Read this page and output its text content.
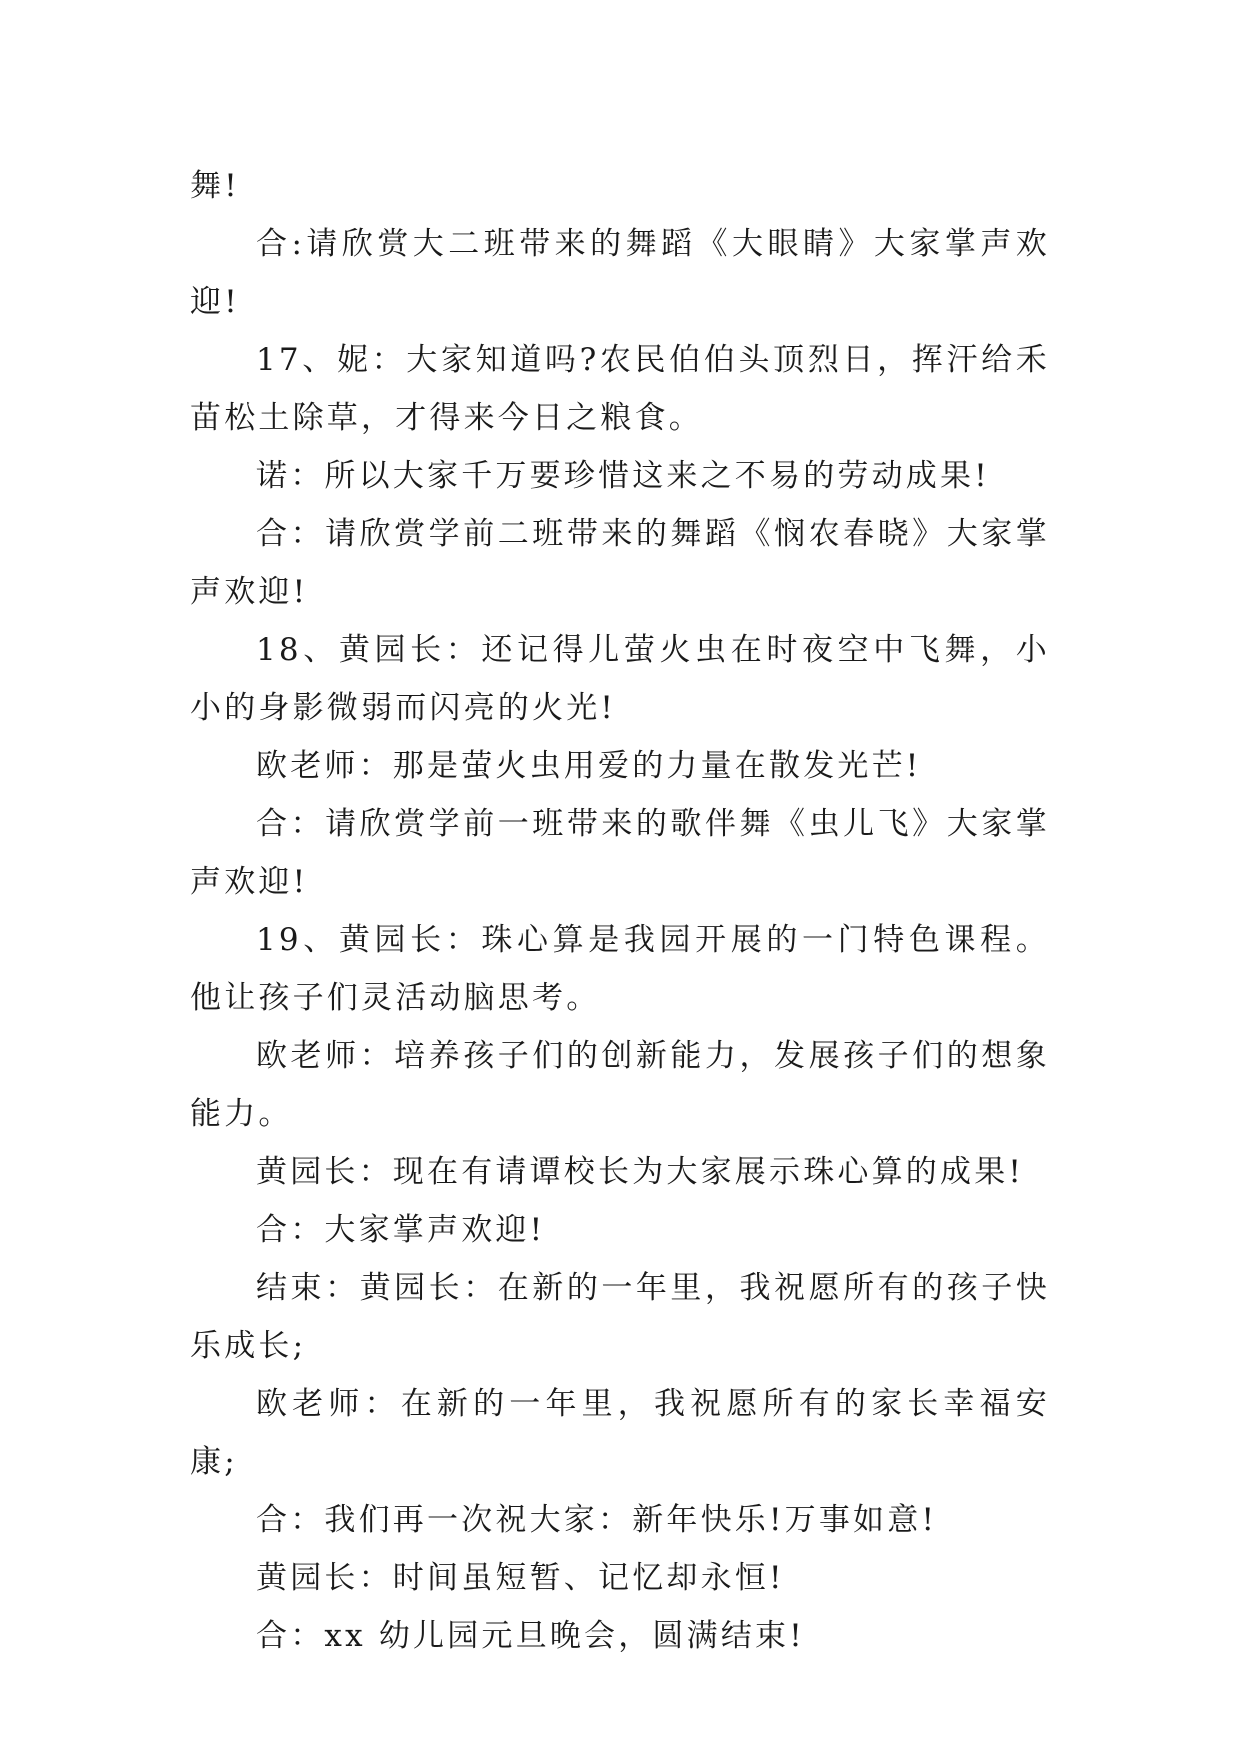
舞!

合:请欣赏大二班带来的舞蹈《大眼睛》大家掌声欢迎!

17、妮：大家知道吗?农民伯伯头顶烈日，挥汗给禾苗松土除草，才得来今日之粮食。

诺：所以大家千万要珍惜这来之不易的劳动成果!

合：请欣赏学前二班带来的舞蹈《悯农春晓》大家掌声欢迎!

18、黄园长：还记得儿萤火虫在时夜空中飞舞，小小的身影微弱而闪亮的火光!

欧老师：那是萤火虫用爱的力量在散发光芒!

合：请欣赏学前一班带来的歌伴舞《虫儿飞》大家掌声欢迎!

19、黄园长：珠心算是我园开展的一门特色课程。他让孩子们灵活动脑思考。

欧老师：培养孩子们的创新能力，发展孩子们的想象能力。

黄园长：现在有请谭校长为大家展示珠心算的成果!

合：大家掌声欢迎!

结束：黄园长：在新的一年里，我祝愿所有的孩子快乐成长;

欧老师：在新的一年里，我祝愿所有的家长幸福安康;

合：我们再一次祝大家：新年快乐!万事如意!

黄园长：时间虽短暂、记忆却永恒!

合：xx 幼儿园元旦晚会，圆满结束!
